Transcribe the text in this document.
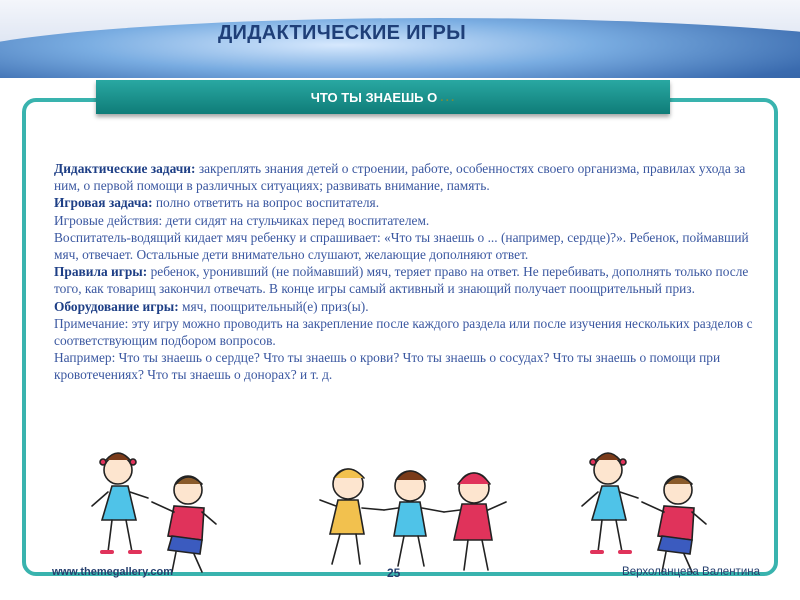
ДИДАКТИЧЕСКИЕ ИГРЫ
ЧТО ТЫ ЗНАЕШЬ О …

Дидактические задачи: закреплять знания детей о строении, работе, особенностях своего организма, правилах ухода за ним, о первой помощи в различных ситуациях; развивать внимание, память.

Игровая задача: полно ответить на вопрос воспитателя.

Игровые действия: дети сидят на стульчиках перед воспитателем.

Воспитатель-водящий кидает мяч ребенку и спрашивает: «Что ты знаешь о ... (например, сердце)?». Ребенок, поймавший мяч, отвечает. Остальные дети внимательно слушают, желающие дополняют ответ.

Правила игры: ребенок, уронивший (не поймавший) мяч, теряет право на ответ. Не перебивать, дополнять только после того, как товарищ закончил отвечать. В конце игры самый активный и знающий получает поощрительный приз.

Оборудование игры: мяч, поощрительный(е) приз(ы).

Примечание: эту игру можно проводить на закрепление после каждого раздела или после изучения нескольких разделов с соответствующим подбором вопросов.

Например: Что ты знаешь о сердце? Что ты знаешь о крови? Что ты знаешь о сосудах? Что ты знаешь о помощи при кровотечениях? Что ты знаешь о донорах? и т. д.

www.themegallery.com	25	Верхоланцева Валентина
